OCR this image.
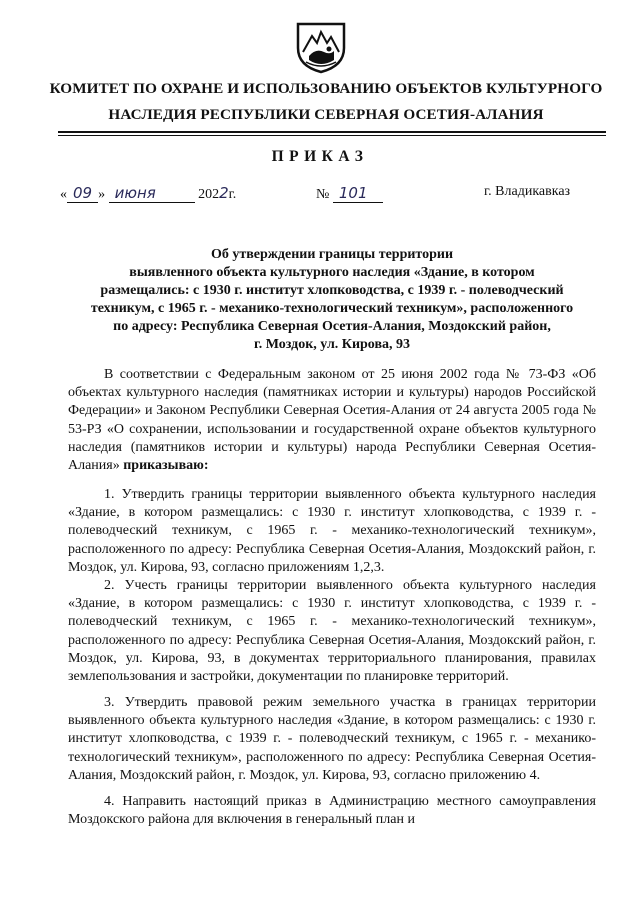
КОМИТЕТ ПО ОХРАНЕ И ИСПОЛЬЗОВАНИЮ ОБЪЕКТОВ КУЛЬТУРНОГО
НАСЛЕДИЯ РЕСПУБЛИКИ СЕВЕРНАЯ ОСЕТИЯ-АЛАНИЯ
ПРИКАЗ
« 09 » июня	2022г.	№ 101	г. Владикавказ
Об утверждении границы территории
выявленного объекта культурного наследия «Здание, в котором
размещались: с 1930 г. институт хлопководства, с 1939 г. - полеводческий
техникум, с 1965 г. - механико-технологический техникум», расположенного
по адресу: Республика Северная Осетия-Алания, Моздокский район,
г. Моздок, ул. Кирова, 93
В соответствии с Федеральным законом от 25 июня 2002 года № 73-ФЗ «Об объектах культурного наследия (памятниках истории и культуры) народов Российской Федерации» и Законом Республики Северная Осетия-Алания от 24 августа 2005 года № 53-РЗ «О сохранении, использовании и государственной охране объектов культурного наследия (памятников истории и культуры) народа Республики Северная Осетия-Алания» приказываю:
1. Утвердить границы территории выявленного объекта культурного наследия «Здание, в котором размещались: с 1930 г. институт хлопководства, с 1939 г. - полеводческий техникум, с 1965 г. - механико-технологический техникум», расположенного по адресу: Республика Северная Осетия-Алания, Моздокский район, г. Моздок, ул. Кирова, 93, согласно приложениям 1,2,3.
2. Учесть границы территории выявленного объекта культурного наследия «Здание, в котором размещались: с 1930 г. институт хлопководства, с 1939 г. - полеводческий техникум, с 1965 г. - механико-технологический техникум», расположенного по адресу: Республика Северная Осетия-Алания, Моздокский район, г. Моздок, ул. Кирова, 93, в документах территориального планирования, правилах землепользования и застройки, документации по планировке территорий.
3. Утвердить правовой режим земельного участка в границах территории выявленного объекта культурного наследия «Здание, в котором размещались: с 1930 г. институт хлопководства, с 1939 г. - полеводческий техникум, с 1965 г. - механико-технологический техникум», расположенного по адресу: Республика Северная Осетия-Алания, Моздокский район, г. Моздок, ул. Кирова, 93, согласно приложению 4.
4. Направить настоящий приказ в Администрацию местного самоуправления Моздокского района для включения в генеральный план и
